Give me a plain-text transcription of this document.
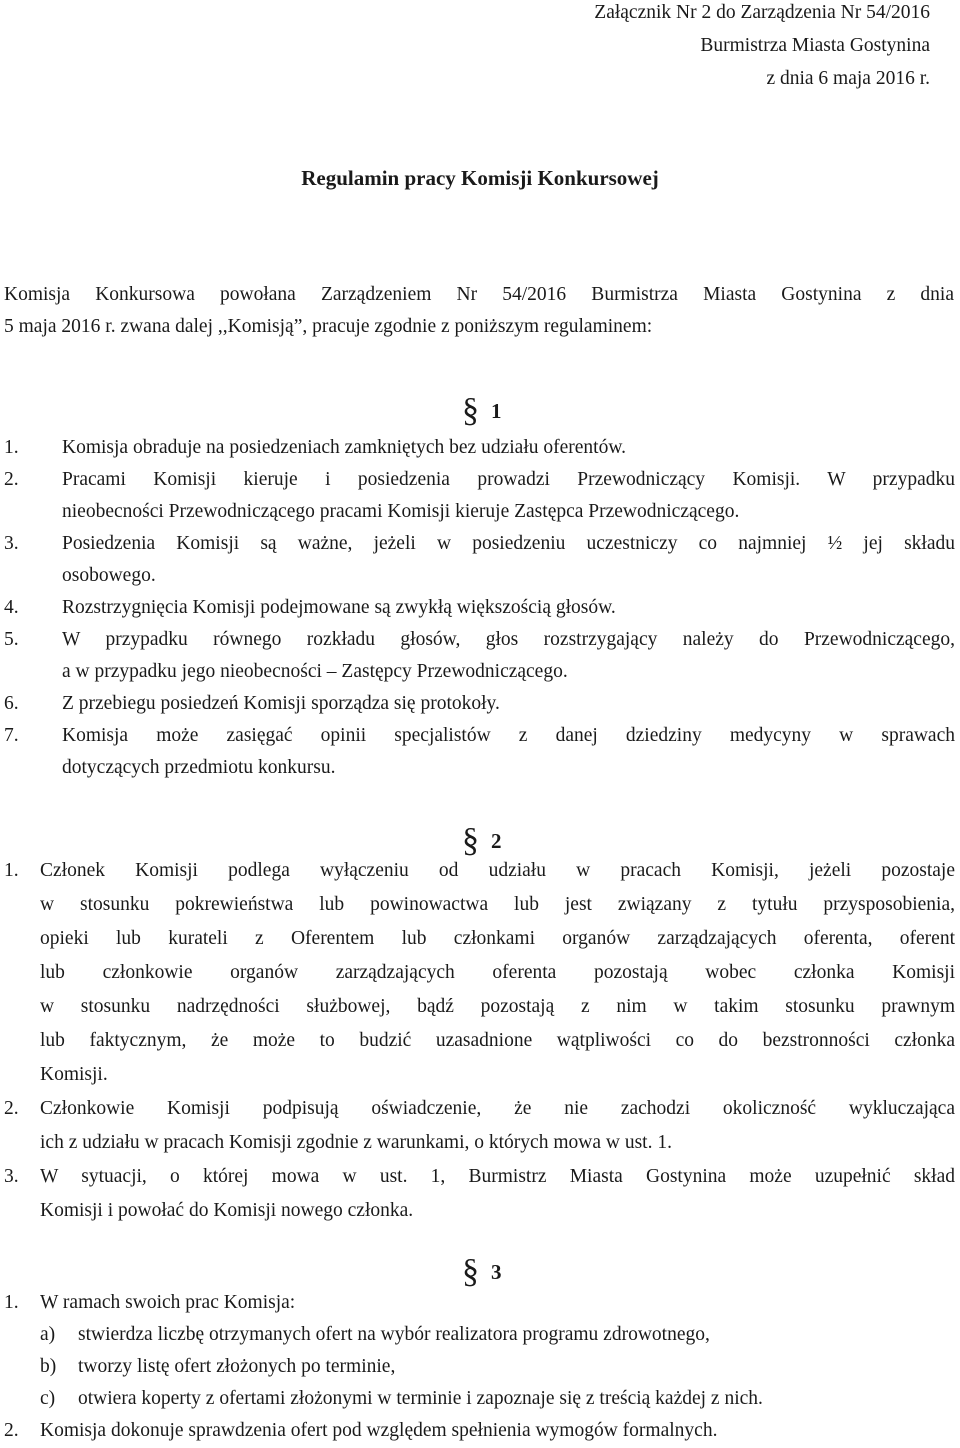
Załącznik Nr 2 do Zarządzenia Nr 54/2016
Burmistrza Miasta Gostynina
z dnia 6 maja 2016 r.
Regulamin pracy Komisji Konkursowej
Komisja Konkursowa powołana Zarządzeniem Nr 54/2016 Burmistrza Miasta Gostynina z dnia
5 maja 2016 r. zwana dalej ,,Komisją”, pracuje zgodnie z poniższym regulaminem:
§ 1
1. Komisja obraduje na posiedzeniach zamkniętych bez udziału oferentów.
2. Pracami Komisji kieruje i posiedzenia prowadzi Przewodniczący Komisji. W przypadku
nieobecności Przewodniczącego pracami Komisji kieruje Zastępca Przewodniczącego.
3. Posiedzenia Komisji są ważne, jeżeli w posiedzeniu uczestniczy co najmniej ½ jej składu
osobowego.
4. Rozstrzygnięcia Komisji podejmowane są zwykłą większością głosów.
5. W przypadku równego rozkładu głosów, głos rozstrzygający należy do Przewodniczącego,
a w przypadku jego nieobecności – Zastępcy Przewodniczącego.
6. Z przebiegu posiedzeń Komisji sporządza się protokoły.
7. Komisja może zasięgać opinii specjalistów z danej dziedziny medycyny w sprawach
dotyczących przedmiotu konkursu.
§ 2
1. Członek Komisji podlega wyłączeniu od udziału w pracach Komisji, jeżeli pozostaje
w stosunku pokrewieństwa lub powinowactwa lub jest związany z tytułu przysposobienia,
opieki lub kurateli z Oferentem lub członkami organów zarządzających oferenta, oferent
lub członkowie organów zarządzających oferenta pozostają wobec członka Komisji
w stosunku nadrzędności służbowej, bądź pozostają z nim w takim stosunku prawnym
lub faktycznym, że może to budzić uzasadnione wątpliwości co do bezstronności członka
Komisji.
2. Członkowie Komisji podpisują oświadczenie, że nie zachodzi okoliczność wykluczająca
ich z udziału w pracach Komisji zgodnie z warunkami, o których mowa w ust. 1.
3. W sytuacji, o której mowa w ust. 1, Burmistrz Miasta Gostynina może uzupełnić skład
Komisji i powołać do Komisji nowego członka.
§ 3
1. W ramach swoich prac Komisja:
a) stwierdza liczbę otrzymanych ofert na wybór realizatora programu zdrowotnego,
b) tworzy listę ofert złożonych po terminie,
c) otwiera koperty z ofertami złożonymi w terminie i zapoznaje się z treścią każdej z nich.
2. Komisja dokonuje sprawdzenia ofert pod względem spełnienia wymogów formalnych.
